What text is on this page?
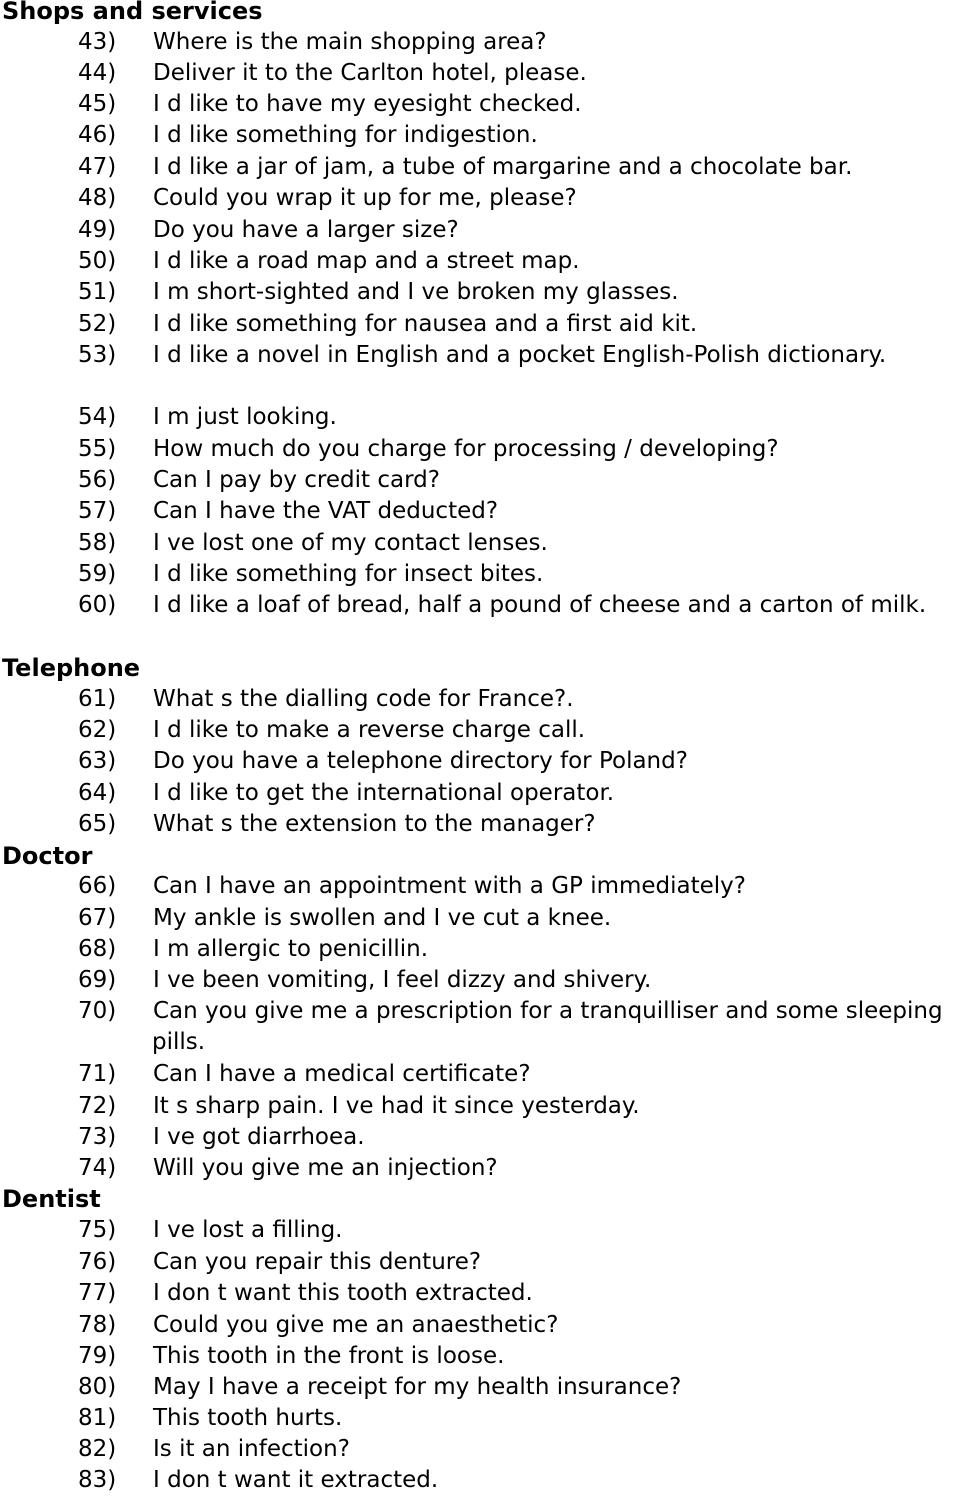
Shops and services
43) Where is the main shopping area?
44) Deliver it to the Carlton hotel, please.
45) I d like to have my eyesight checked.
46) I d like something for indigestion.
47) I d like a jar of jam, a tube of margarine and a chocolate bar.
48) Could you wrap it up for me, please?
49) Do you have a larger size?
50) I d like a road map and a street map.
51) I m short-sighted and I ve broken my glasses.
52) I d like something for nausea and a first aid kit.
53) I d like a novel in English and a pocket English-Polish dictionary.
54) I m just looking.
55) How much do you charge for processing / developing?
56) Can I pay by credit card?
57) Can I have the VAT deducted?
58) I ve lost one of my contact lenses.
59) I d like something for insect bites.
60) I d like a loaf of bread, half a pound of cheese and a carton of milk.
Telephone
61) What s the dialling code for France?.
62) I d like to make a reverse charge call.
63) Do you have a telephone directory for Poland?
64) I d like to get the international operator.
65) What s the extension to the manager?
Doctor
66) Can I have an appointment with a GP immediately?
67) My ankle is swollen and I ve cut a knee.
68) I m allergic to penicillin.
69) I ve been vomiting, I feel dizzy and shivery.
70) Can you give me a prescription for a tranquilliser and some sleeping pills.
71) Can I have a medical certificate?
72) It s sharp pain. I ve had it since yesterday.
73) I ve got diarrhoea.
74) Will you give me an injection?
Dentist
75) I ve lost a filling.
76) Can you repair this denture?
77) I don t want this tooth extracted.
78) Could you give me an anaesthetic?
79) This tooth in the front is loose.
80) May I have a receipt for my health insurance?
81) This tooth hurts.
82) Is it an infection?
83) I don t want it extracted.
